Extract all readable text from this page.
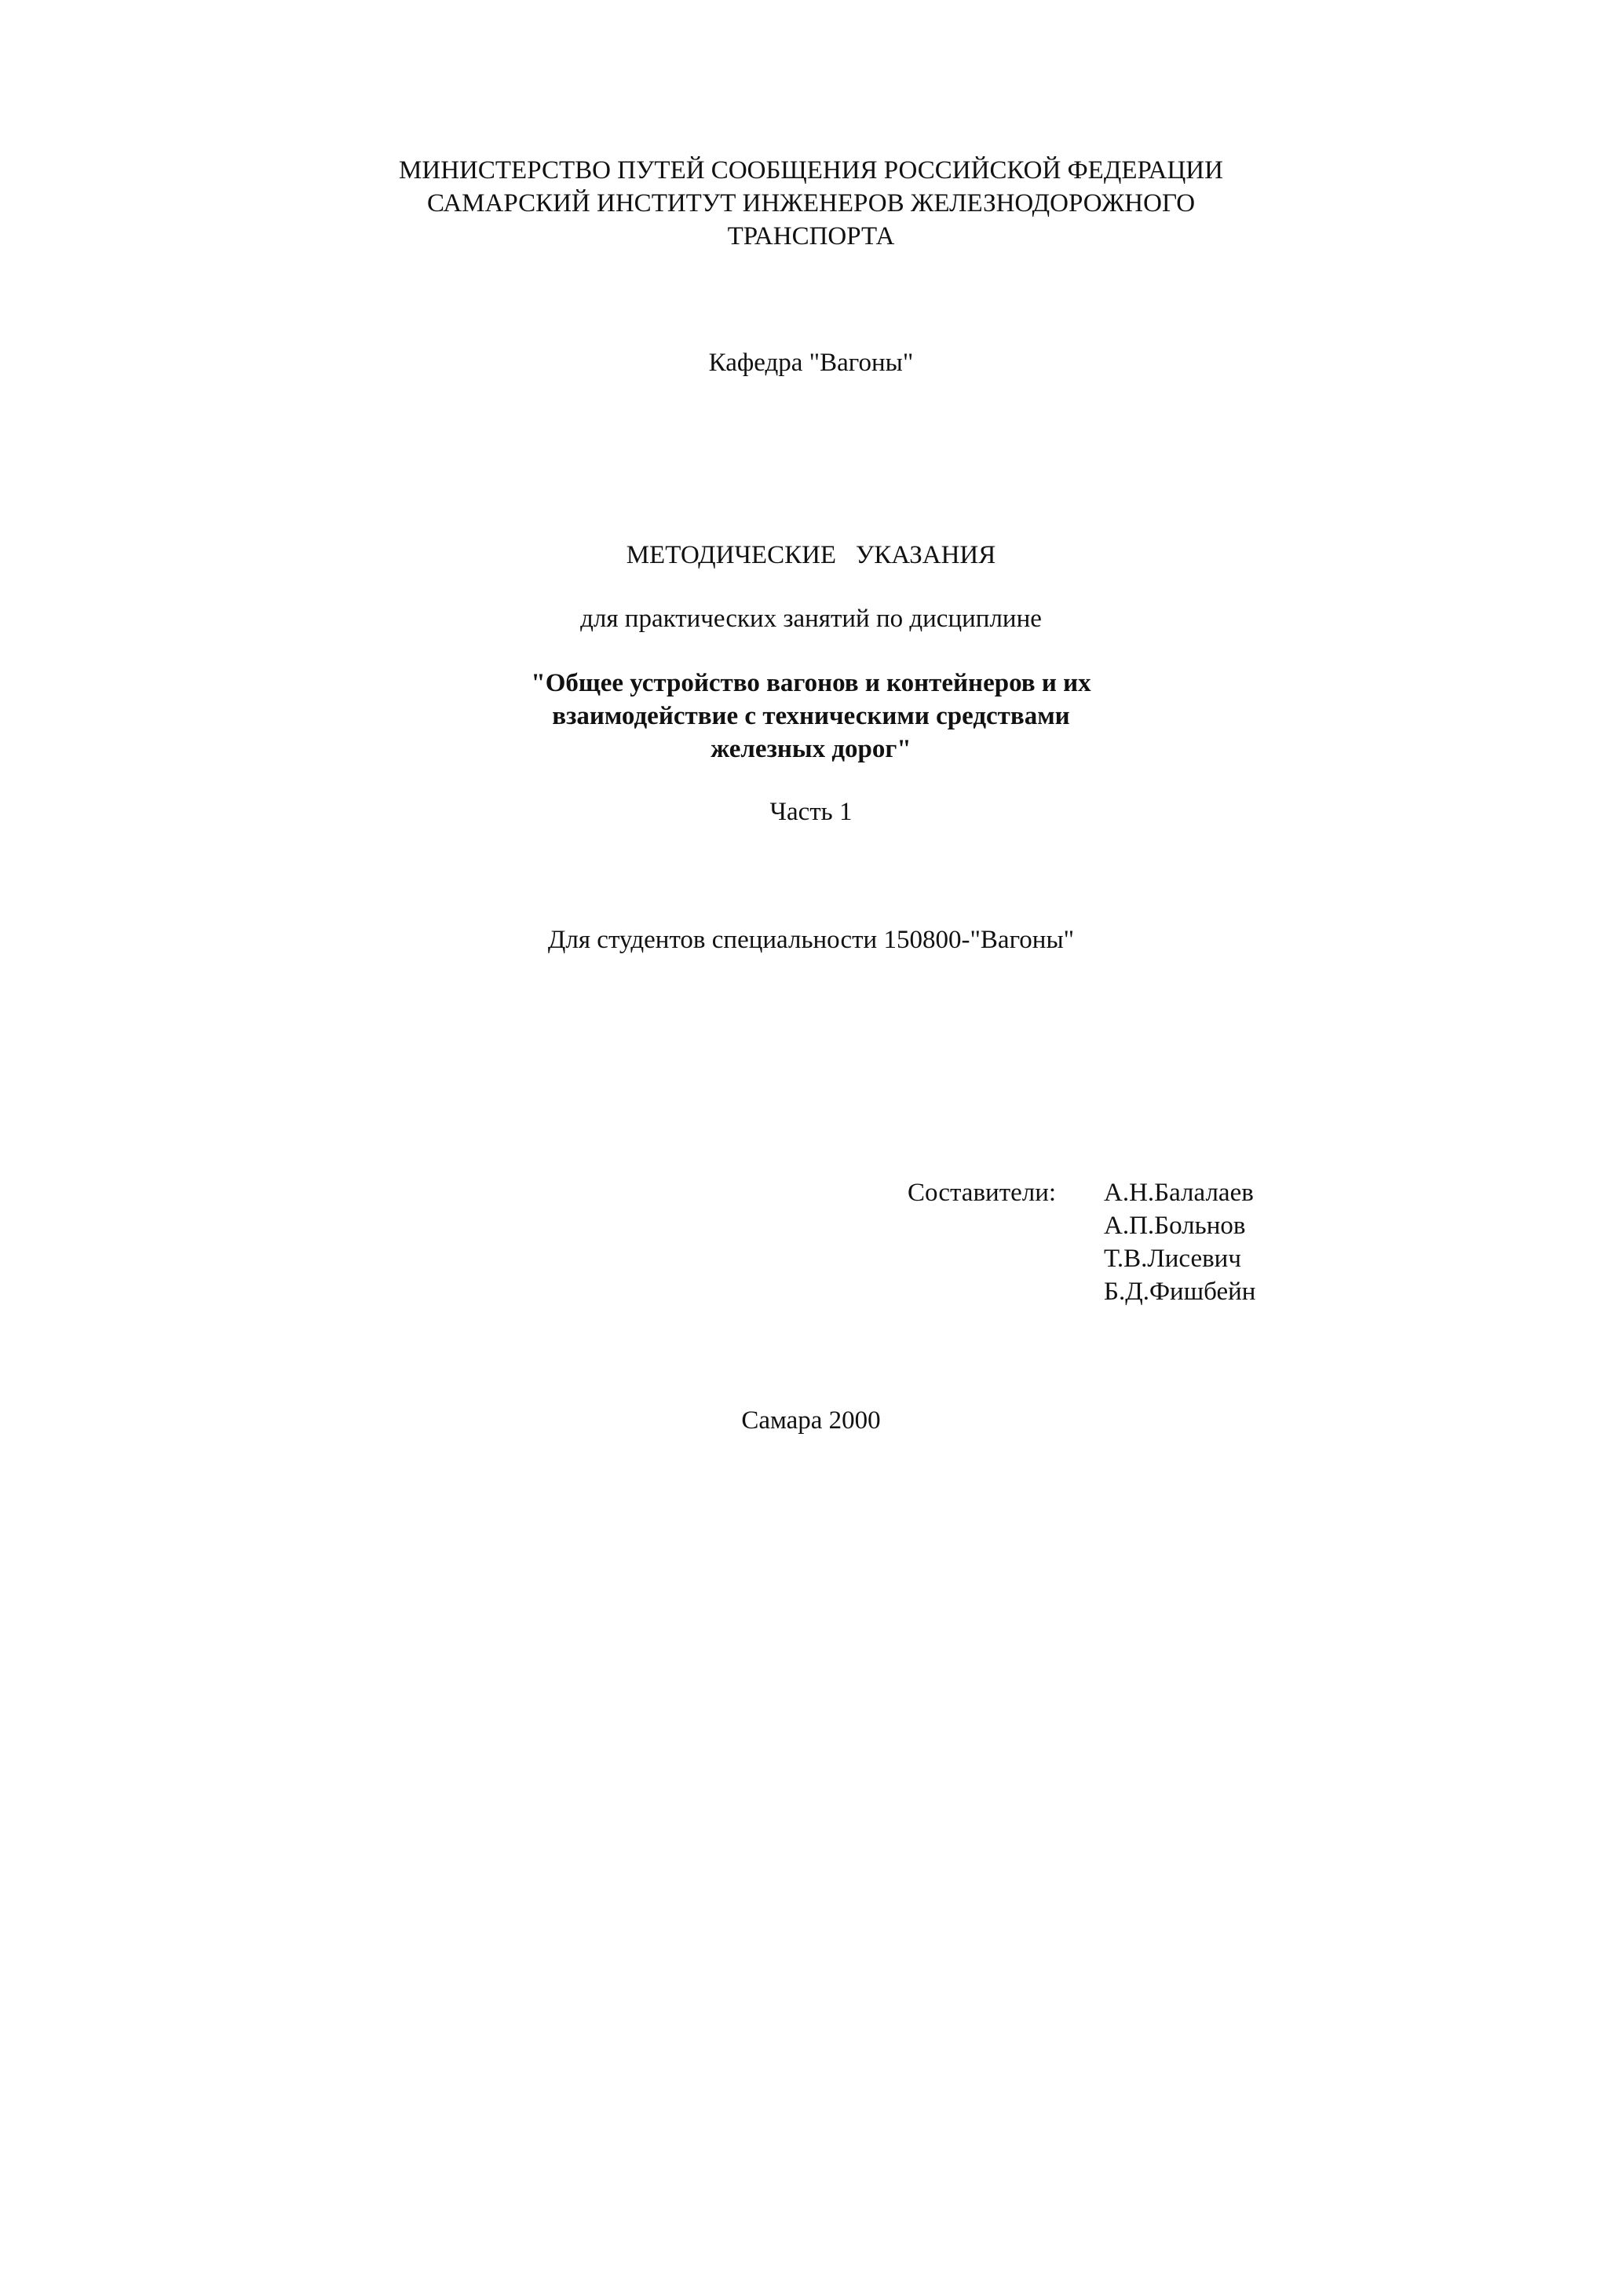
МИНИСТЕРСТВО ПУТЕЙ СООБЩЕНИЯ РОССИЙСКОЙ ФЕДЕРАЦИИ
САМАРСКИЙ ИНСТИТУТ ИНЖЕНЕРОВ ЖЕЛЕЗНОДОРОЖНОГО
ТРАНСПОРТА
Кафедра "Вагоны"
МЕТОДИЧЕСКИЕ   УКАЗАНИЯ
для практических занятий по дисциплине
"Общее устройство вагонов и контейнеров и их
взаимодействие с техническими средствами
железных дорог"
Часть 1
Для студентов специальности 150800-"Вагоны"
Составители: А.Н.Балалаев
А.П.Больнов
Т.В.Лисевич
Б.Д.Фишбейн
Самара 2000
